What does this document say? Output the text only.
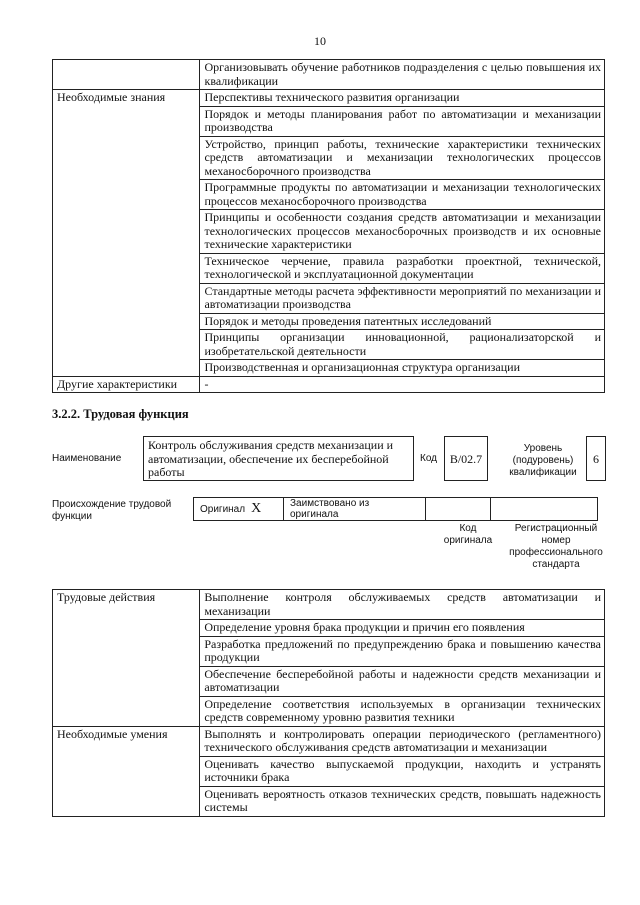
10
	Организовывать обучение работников подразделения с целью повышения их квалификации
Необходимые знания	Перспективы технического развития организации
	Порядок и методы планирования работ по автоматизации и механизации производства
	Устройство, принцип работы, технические характеристики технических средств автоматизации и механизации технологических процессов механосборочного производства
	Программные продукты по автоматизации и механизации технологических процессов механосборочного производства
	Принципы и особенности создания средств автоматизации и механизации технологических процессов механосборочных производств и их основные технические характеристики
	Техническое черчение, правила разработки проектной, технической, технологической и эксплуатационной документации
	Стандартные методы расчета эффективности мероприятий по механизации и автоматизации производства
	Порядок и методы проведения патентных исследований
	Принципы организации инновационной, рационализаторской и изобретательской деятельности
	Производственная и организационная структура организации
Другие характеристики	-
3.2.2. Трудовая функция
Наименование
Контроль обслуживания средств механизации и автоматизации, обеспечение их бесперебойной работы
Код	B/02.7
Уровень (подуровень) квалификации
6
Происхождение трудовой функции
Оригинал X	Заимствовано из оригинала		
Код оригинала
Регистрационный номер профессионального стандарта
Трудовые действия	Выполнение контроля обслуживаемых средств автоматизации и механизации
	Определение уровня брака продукции и причин его появления
	Разработка предложений по предупреждению брака и повышению качества продукции
	Обеспечение бесперебойной работы и надежности средств механизации и автоматизации
	Определение соответствия используемых в организации технических средств современному уровню развития техники
Необходимые умения	Выполнять и контролировать операции периодического (регламентного) технического обслуживания средств автоматизации и механизации
	Оценивать качество выпускаемой продукции, находить и устранять источники брака
	Оценивать вероятность отказов технических средств, повышать надежность системы
